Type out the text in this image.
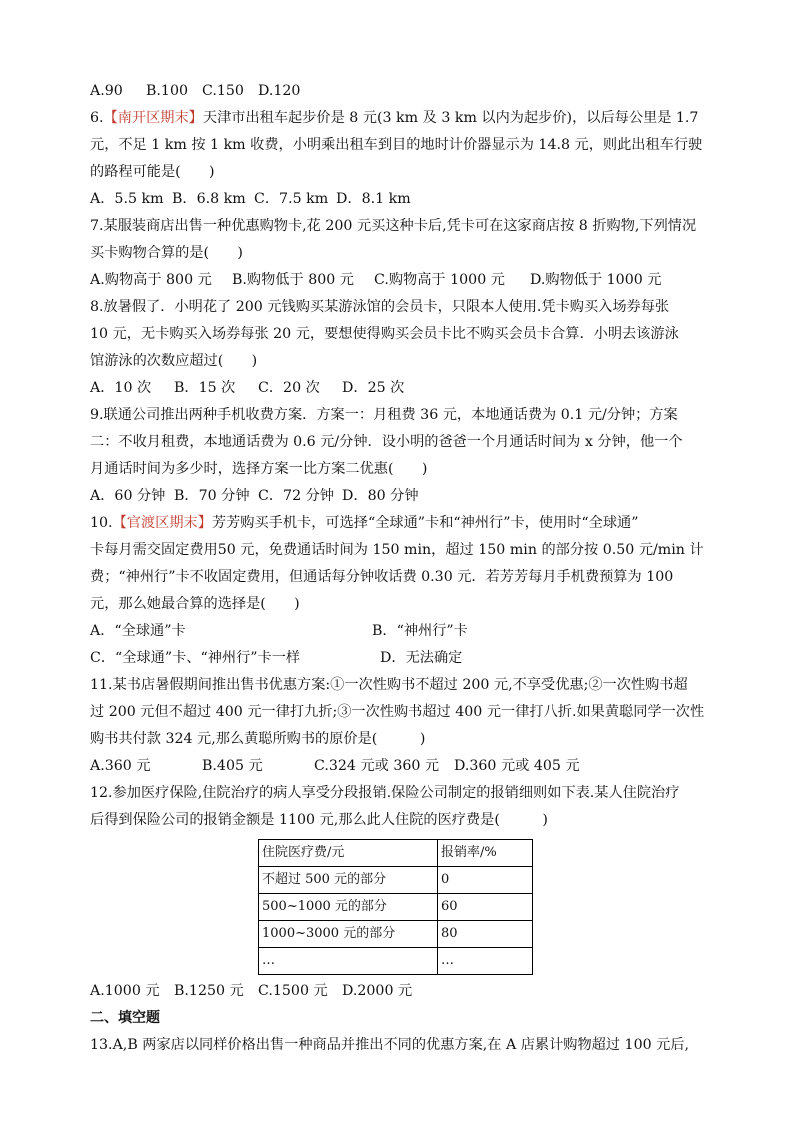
A.90 B.100 C.150 D.120
6.【南开区期末】天津市出租车起步价是 8 元(3 km 及 3 km 以内为起步价)，以后每公里是 1.7
元，不足 1 km 按 1 km 收费，小明乘出租车到目的地时计价器显示为 14.8 元，则此出租车行驶
的路程可能是(　　)
A．5.5 km B．6.8 km C．7.5 km D．8.1 km
7.某服装商店出售一种优惠购物卡,花 200 元买这种卡后,凭卡可在这家商店按 8 折购物,下列情况
买卡购物合算的是(　　)
A.购物高于 800 元 B.购物低于 800 元 C.购物高于 1000 元 D.购物低于 1000 元
8.放暑假了．小明花了 200 元钱购买某游泳馆的会员卡，只限本人使用.凭卡购买入场券每张
10 元，无卡购买入场券每张 20 元，要想使得购买会员卡比不购买会员卡合算．小明去该游泳
馆游泳的次数应超过(　　)
A．10 次 B．15 次 C．20 次 D．25 次
9.联通公司推出两种手机收费方案．方案一：月租费 36 元，本地通话费为 0.1 元/分钟；方案
二：不收月租费，本地通话费为 0.6 元/分钟．设小明的爸爸一个月通话时间为 x 分钟，他一个
月通话时间为多少时，选择方案一比方案二优惠(　　)
A．60 分钟 B．70 分钟 C．72 分钟 D．80 分钟
10.【官渡区期末】芳芳购买手机卡，可选择“全球通”卡和“神州行”卡，使用时“全球通”
卡每月需交固定费用50 元，免费通话时间为 150 min，超过 150 min 的部分按 0.50 元/min 计
费；“神州行”卡不收固定费用，但通话每分钟收话费 0.30 元．若芳芳每月手机费预算为 100
元，那么她最合算的选择是(　　)
A．“全球通”卡	B．“神州行”卡
C．“全球通”卡、“神州行”卡一样	D．无法确定
11.某书店暑假期间推出售书优惠方案:①一次性购书不超过 200 元,不享受优惠;②一次性购书超
过 200 元但不超过 400 元一律打九折;③一次性购书超过 400 元一律打八折.如果黄聪同学一次性
购书共付款 324 元,那么黄聪所购书的原价是(　　　)
A.360 元	B.405 元	C.324 元或 360 元 D.360 元或 405 元
12.参加医疗保险,住院治疗的病人享受分段报销.保险公司制定的报销细则如下表.某人住院治疗
后得到保险公司的报销金额是 1100 元,那么此人住院的医疗费是(　　　)
住院医疗费/元	报销率/%
不超过 500 元的部分	0
500~1000 元的部分	60
1000~3000 元的部分	80
…	…
A.1000 元 B.1250 元 C.1500 元 D.2000 元
二、填空题
13.A,B 两家店以同样价格出售一种商品并推出不同的优惠方案,在 A 店累计购物超过 100 元后,
